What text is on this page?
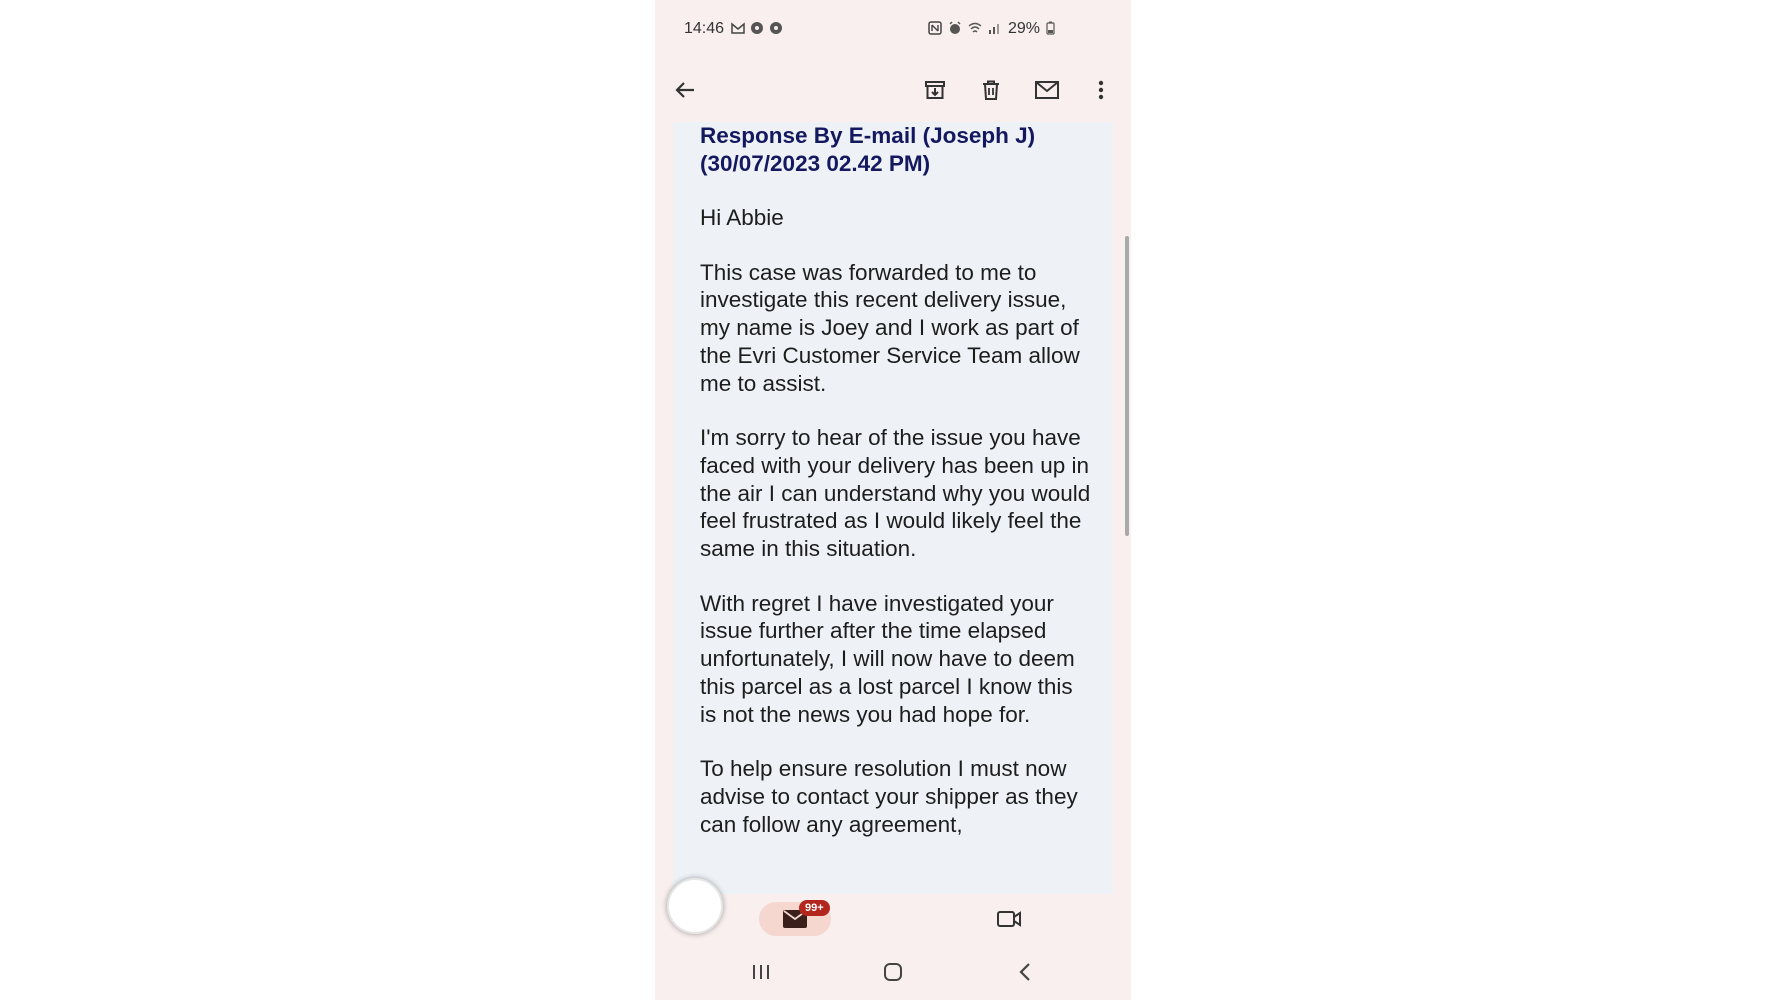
14:46	29%

Response By E-mail (Joseph J) (30/07/2023 02.42 PM)

Hi Abbie

This case was forwarded to me to investigate this recent delivery issue, my name is Joey and I work as part of the Evri Customer Service Team allow me to assist.

I'm sorry to hear of the issue you have faced with your delivery has been up in the air I can understand why you would feel frustrated as I would likely feel the same in this situation.

With regret I have investigated your issue further after the time elapsed unfortunately, I will now have to deem this parcel as a lost parcel I know this is not the news you had hope for.

To help ensure resolution I must now advise to contact your shipper as they can follow any agreement,

99+
